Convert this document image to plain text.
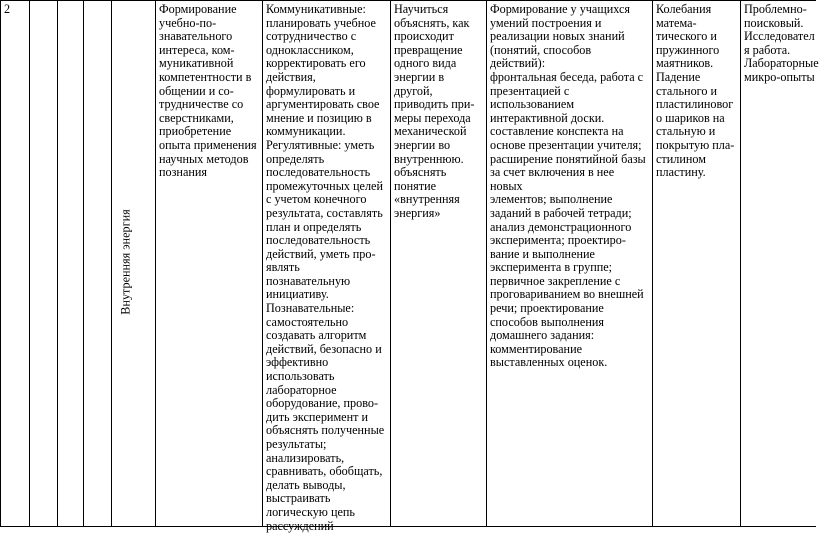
2
Внутренняя энергия
Формирование
учебно-по-
знавательного
интереса, ком-
муникативной
компетентности в
общении и со-
трудничестве со
сверстниками,
приобретение
опыта применения
научных методов
познания
Коммуникативные:
планировать учебное
сотрудничество с
одноклассником,
корректировать его
действия,
формулировать и
аргументировать свое
мнение и позицию в
коммуникации.
Регулятивные: уметь
определять
последовательность
промежуточных целей
с учетом конечного
результата, составлять
план и определять
последовательность
действий, уметь про-
являть
познавательную
инициативу.
Познавательные:
самостоятельно
создавать алгоритм
действий, безопасно и
эффективно
использовать
лабораторное
оборудование, прово-
дить эксперимент и
объяснять полученные
результаты;
анализировать,
сравнивать, обобщать,
делать выводы,
выстраивать
логическую цепь
рассуждений
Научиться
объяснять, как
происходит
превращение
одного вида
энергии в
другой,
приводить при-
меры перехода
механической
энергии во
внутреннюю.
объяснять
понятие
«внутренняя
энергия»
Формирование у учащихся
умений построения и
реализации новых знаний
(понятий, способов действий):
фронтальная беседа, работа с
презентацией с
использованием
интерактивной доски.
составление конспекта на
основе презентации учителя;
расширение понятийной базы
за счет включения в нее новых
элементов; выполнение
заданий в рабочей тетради;
анализ демонстрационного
эксперимента; проектиро-
вание и выполнение
эксперимента в группе;
первичное закрепление с
проговариванием во внешней
речи; проектирование
способов выполнения
домашнего задания:
комментирование
выставленных оценок.
Колебания
матема-
тического и
пружинного
маятников.
Падение
стального и
пластилиновог
о шариков на
стальную и
покрытую пла-
стилином
пластину.
Проблемно-
поисковый.
Исследовател
я работа.
Лабораторные
микро-опыты
